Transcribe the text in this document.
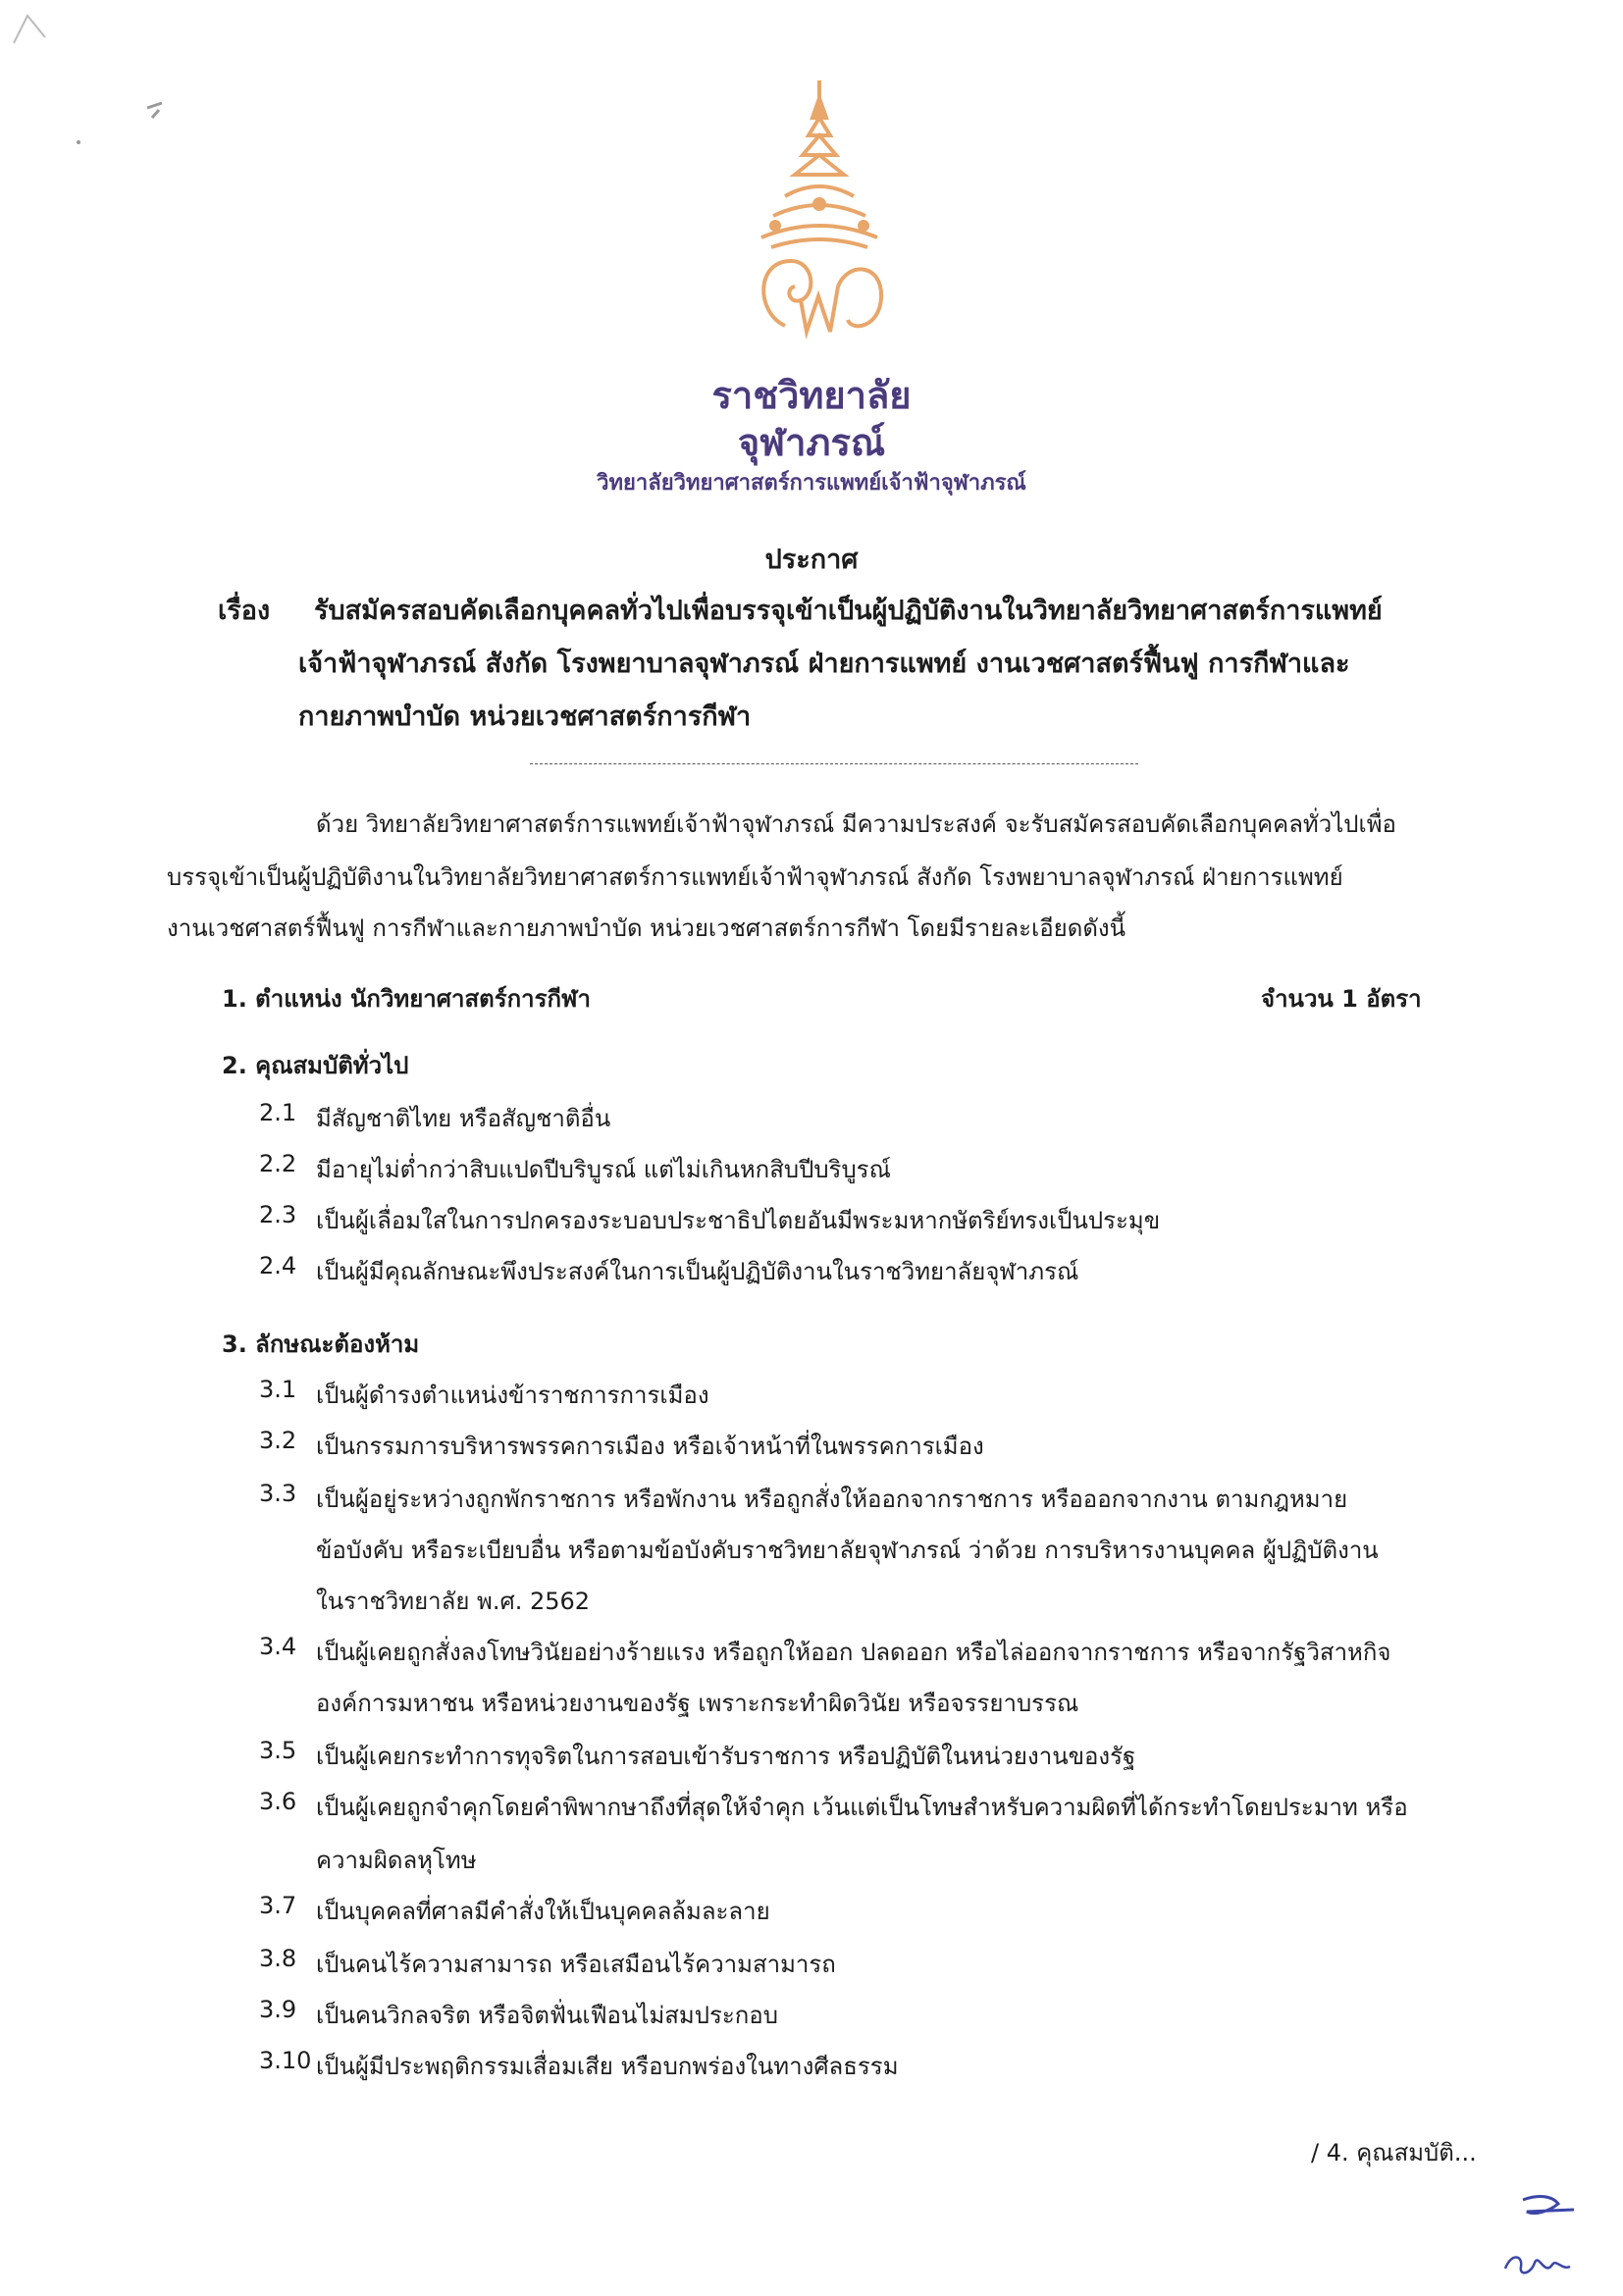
ราชวิทยาลัย
จุฬาภรณ์
วิทยาลัยวิทยาศาสตร์การแพทย์เจ้าฟ้าจุฬาภรณ์
ประกาศ
เรื่อง รับสมัครสอบคัดเลือกบุคคลทั่วไปเพื่อบรรจุเข้าเป็นผู้ปฏิบัติงานในวิทยาลัยวิทยาศาสตร์การแพทย์
เจ้าฟ้าจุฬาภรณ์ สังกัด โรงพยาบาลจุฬาภรณ์ ฝ่ายการแพทย์ งานเวชศาสตร์ฟื้นฟู การกีฬาและ
กายภาพบำบัด หน่วยเวชศาสตร์การกีฬา
ด้วย วิทยาลัยวิทยาศาสตร์การแพทย์เจ้าฟ้าจุฬาภรณ์ มีความประสงค์ จะรับสมัครสอบคัดเลือกบุคคลทั่วไปเพื่อ
บรรจุเข้าเป็นผู้ปฏิบัติงานในวิทยาลัยวิทยาศาสตร์การแพทย์เจ้าฟ้าจุฬาภรณ์ สังกัด โรงพยาบาลจุฬาภรณ์ ฝ่ายการแพทย์
งานเวชศาสตร์ฟื้นฟู การกีฬาและกายภาพบำบัด หน่วยเวชศาสตร์การกีฬา โดยมีรายละเอียดดังนี้
1. ตำแหน่ง นักวิทยาศาสตร์การกีฬา	จำนวน 1 อัตรา
2. คุณสมบัติทั่วไป
2.1 มีสัญชาติไทย หรือสัญชาติอื่น
2.2 มีอายุไม่ต่ำกว่าสิบแปดปีบริบูรณ์ แต่ไม่เกินหกสิบปีบริบูรณ์
2.3 เป็นผู้เลื่อมใสในการปกครองระบอบประชาธิปไตยอันมีพระมหากษัตริย์ทรงเป็นประมุข
2.4 เป็นผู้มีคุณลักษณะพึงประสงค์ในการเป็นผู้ปฏิบัติงานในราชวิทยาลัยจุฬาภรณ์
3. ลักษณะต้องห้าม
3.1 เป็นผู้ดำรงตำแหน่งข้าราชการการเมือง
3.2 เป็นกรรมการบริหารพรรคการเมือง หรือเจ้าหน้าที่ในพรรคการเมือง
3.3 เป็นผู้อยู่ระหว่างถูกพักราชการ หรือพักงาน หรือถูกสั่งให้ออกจากราชการ หรือออกจากงาน ตามกฎหมาย
ข้อบังคับ หรือระเบียบอื่น หรือตามข้อบังคับราชวิทยาลัยจุฬาภรณ์ ว่าด้วย การบริหารงานบุคคล ผู้ปฏิบัติงาน
ในราชวิทยาลัย พ.ศ. 2562
3.4 เป็นผู้เคยถูกสั่งลงโทษวินัยอย่างร้ายแรง หรือถูกให้ออก ปลดออก หรือไล่ออกจากราชการ หรือจากรัฐวิสาหกิจ
องค์การมหาชน หรือหน่วยงานของรัฐ เพราะกระทำผิดวินัย หรือจรรยาบรรณ
3.5 เป็นผู้เคยกระทำการทุจริตในการสอบเข้ารับราชการ หรือปฏิบัติในหน่วยงานของรัฐ
3.6 เป็นผู้เคยถูกจำคุกโดยคำพิพากษาถึงที่สุดให้จำคุก เว้นแต่เป็นโทษสำหรับความผิดที่ได้กระทำโดยประมาท หรือ
ความผิดลหุโทษ
3.7 เป็นบุคคลที่ศาลมีคำสั่งให้เป็นบุคคลล้มละลาย
3.8 เป็นคนไร้ความสามารถ หรือเสมือนไร้ความสามารถ
3.9 เป็นคนวิกลจริต หรือจิตฟั่นเฟือนไม่สมประกอบ
3.10 เป็นผู้มีประพฤติกรรมเสื่อมเสีย หรือบกพร่องในทางศีลธรรม
/ 4. คุณสมบัติ...
